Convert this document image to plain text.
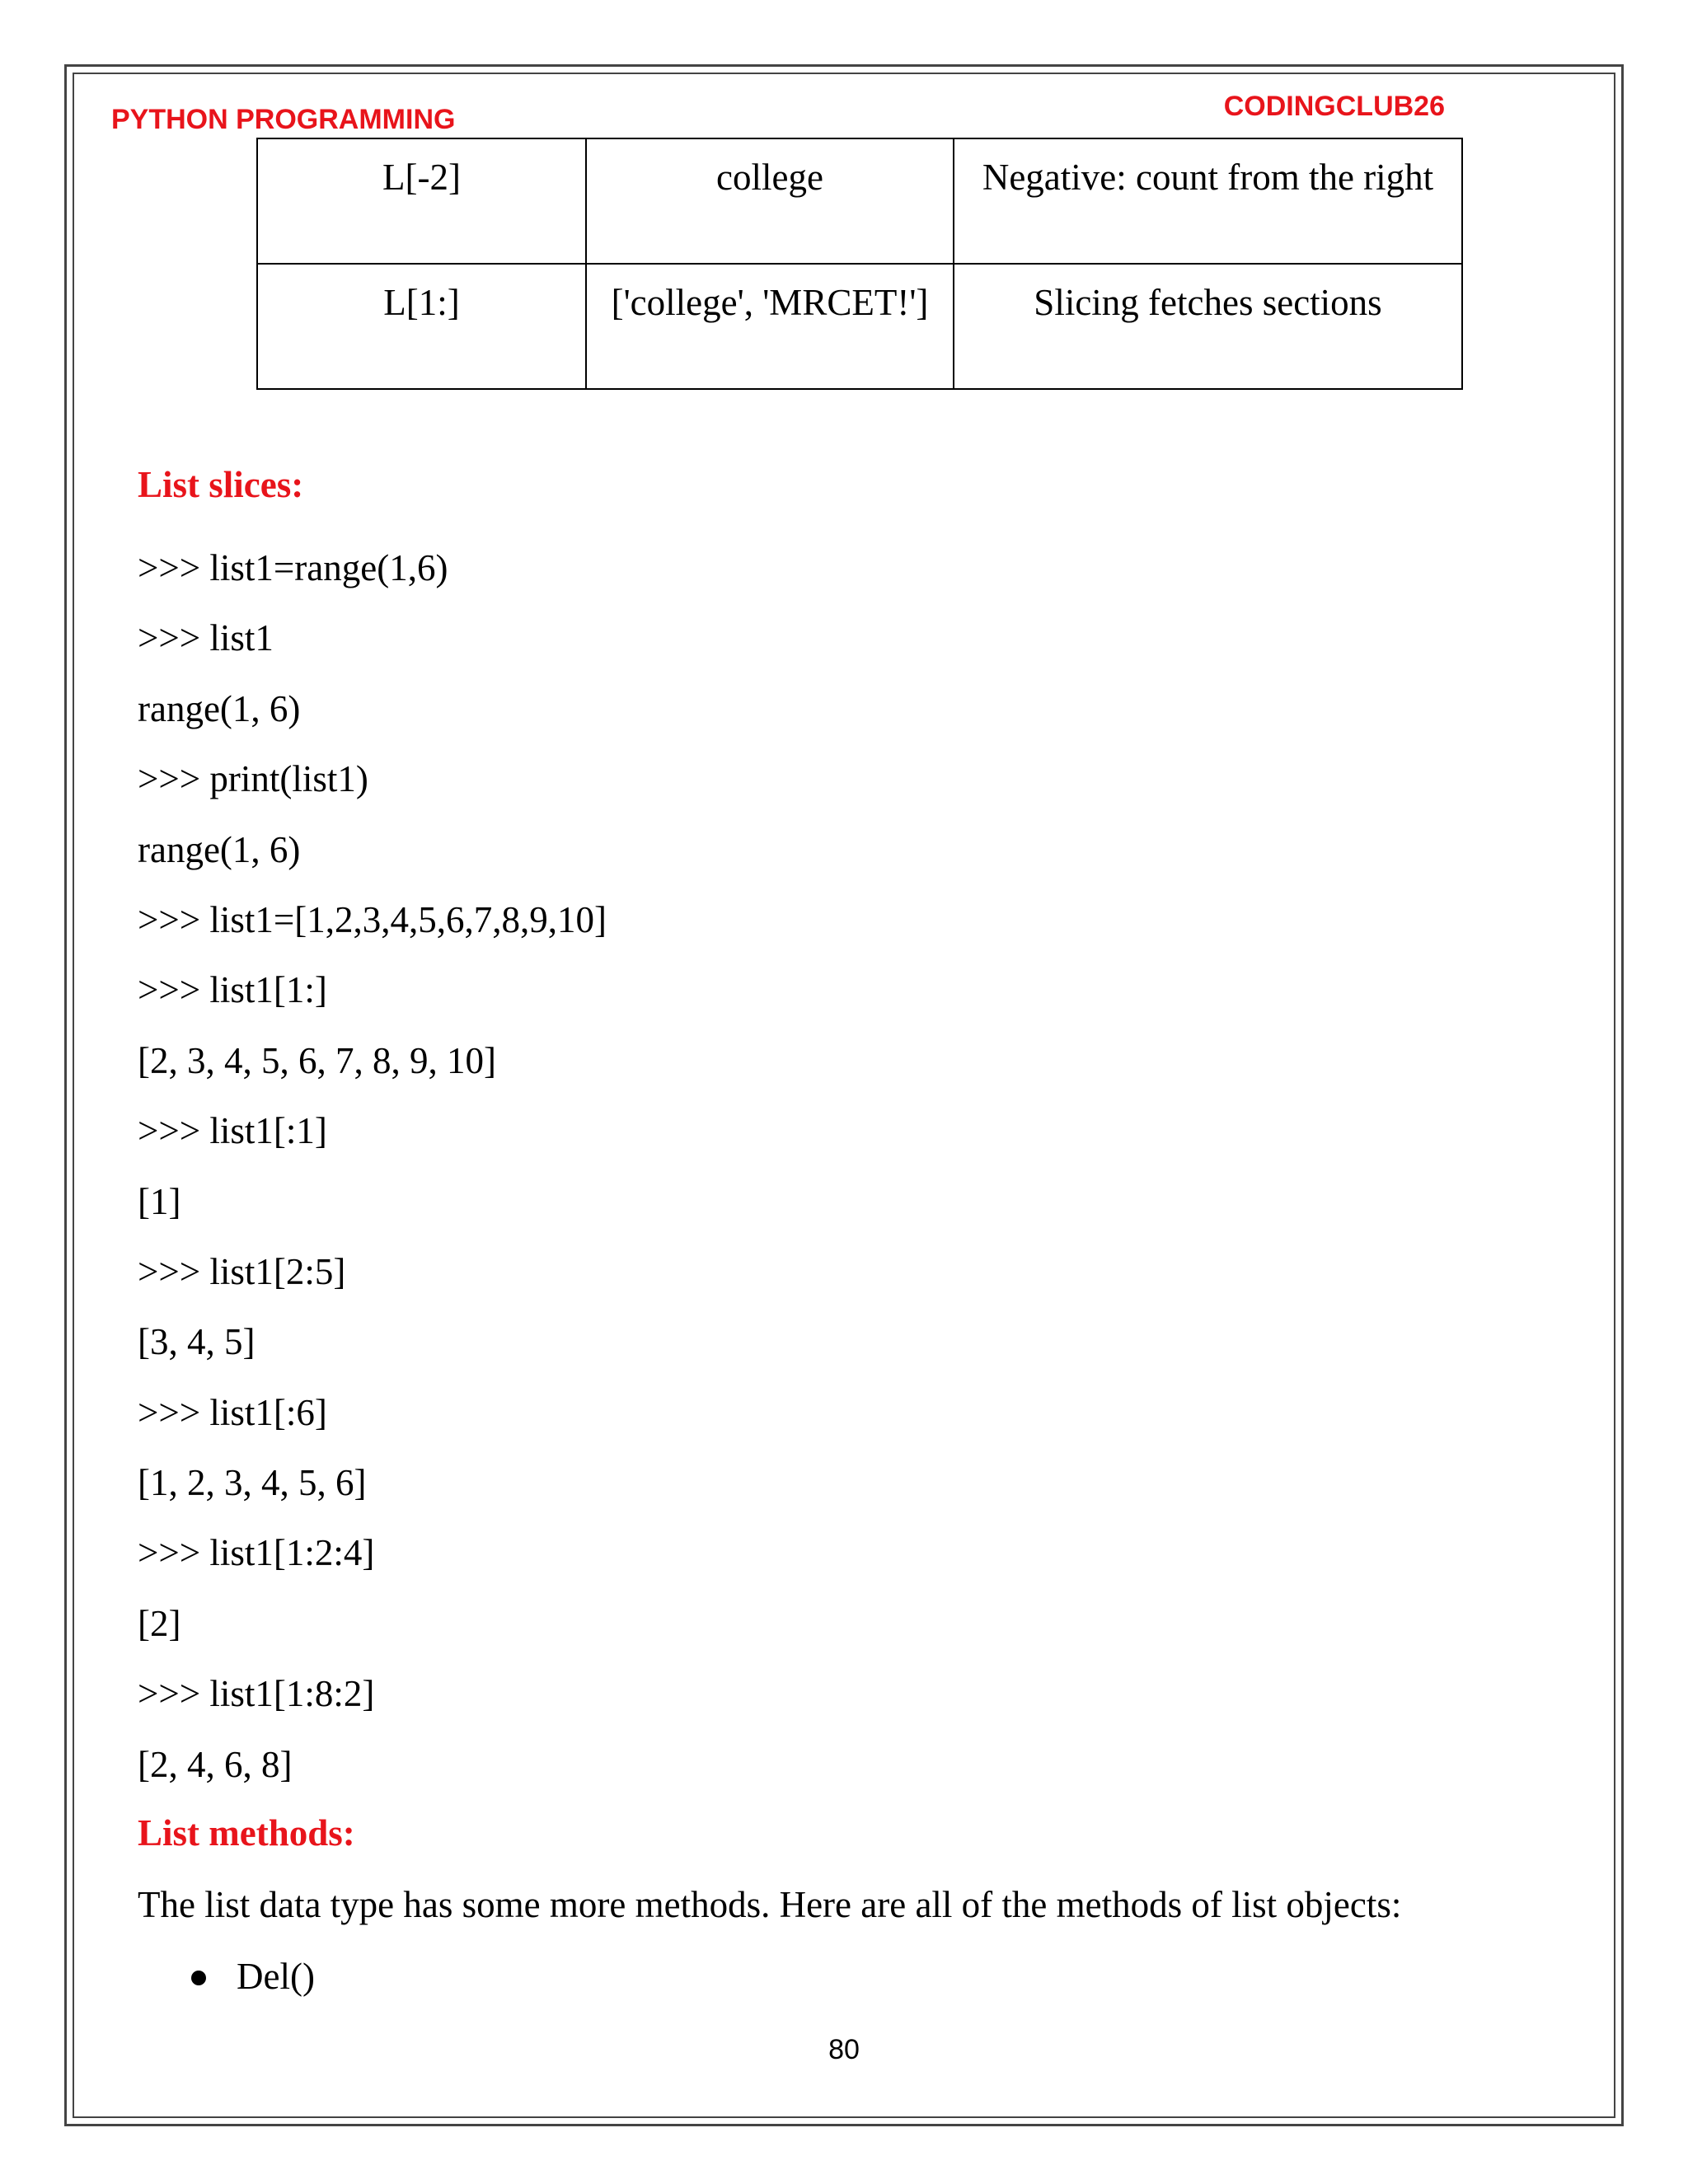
PYTHON PROGRAMMING	CODINGCLUB26
L[-2]	college	Negative: count from the right
L[1:]	['college', 'MRCET!']	Slicing fetches sections
List slices:
>>> list1=range(1,6)
>>> list1
range(1, 6)
>>> print(list1)
range(1, 6)
>>> list1=[1,2,3,4,5,6,7,8,9,10]
>>> list1[1:]
[2, 3, 4, 5, 6, 7, 8, 9, 10]
>>> list1[:1]
[1]
>>> list1[2:5]
[3, 4, 5]
>>> list1[:6]
[1, 2, 3, 4, 5, 6]
>>> list1[1:2:4]
[2]
>>> list1[1:8:2]
[2, 4, 6, 8]
List methods:
The list data type has some more methods. Here are all of the methods of list objects:
Del()
80
